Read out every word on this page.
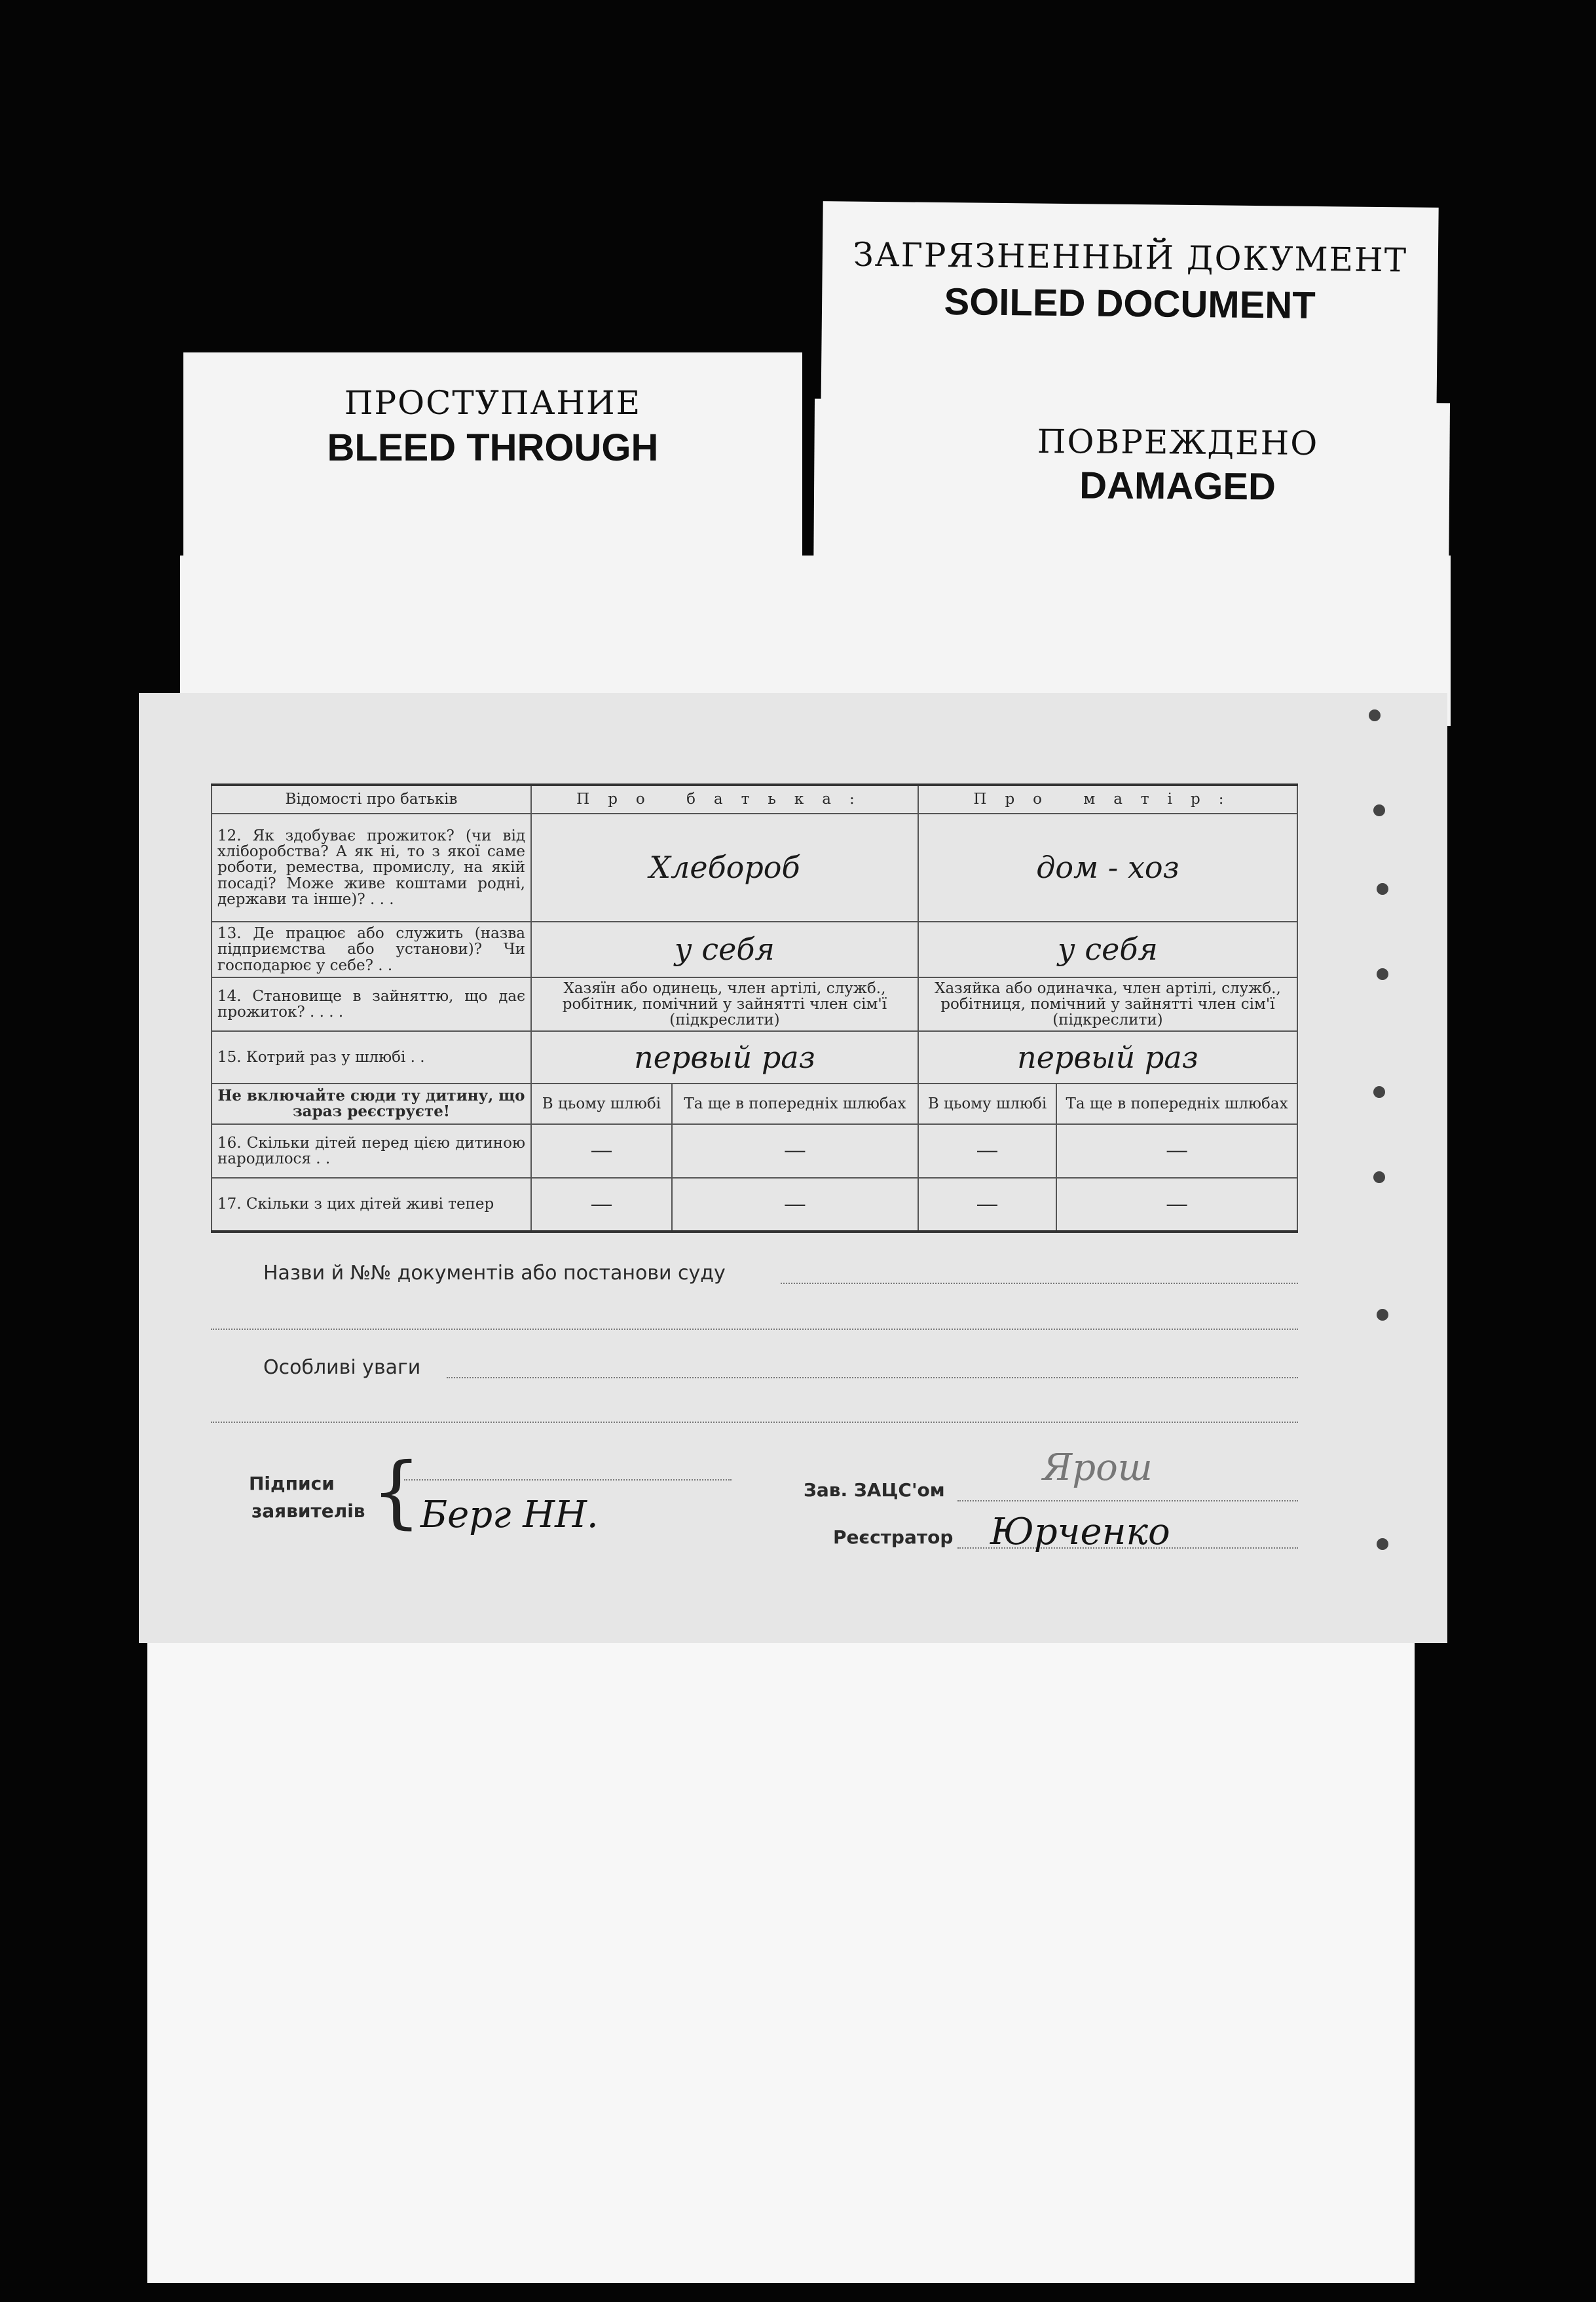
ЗАГРЯЗНЕННЫЙ ДОКУМЕНТ
SOILED DOCUMENT
ПРОСТУПАНИЕ
BLEED THROUGH	ПОВРЕЖДЕНО
DAMAGED
Відомості про батьків	Про батька:		Про матір:	
12. Як здобуває прожиток? (чи від хліборобства? А як ні, то з якої саме роботи, ремества, промислу, на якій посаді? Може живе коштами родні, держави та інше)? . . .	Хлебороб		дом - хоз	
13. Де працює або служить (назва підприємства або установи)? Чи господарює у себе? . .	у себя		у себя	
14. Становище в зайняттю, що дає прожиток? . . . .	Хазяїн або одинець, член артілі, служб., робітник, помічний у зайнятті член сім'ї (підкреслити)		Хазяйка або одиначка, член артілі, служб., робітниця, помічний у зайнятті член сім'ї (підкреслити)	
15. Котрий раз у шлюбі . .	первый раз		первый раз	
Не включайте сюди ту дитину, що зараз реєструєте!	В цьому шлюбі	Та ще в попередніх шлюбах	В цьому шлюбі	Та ще в попередніх шлюбах
16. Скільки дітей перед цією дитиною народилося . .	—	—	—	—
17. Скільки з цих дітей живі тепер	—	—	—	—
Назви й №№ документів або постанови суду
Особливі уваги
Підписи
заявителів {
Берг НН.
Зав. ЗАЦС'ом
Ярош
Реєстратор Юрченко
